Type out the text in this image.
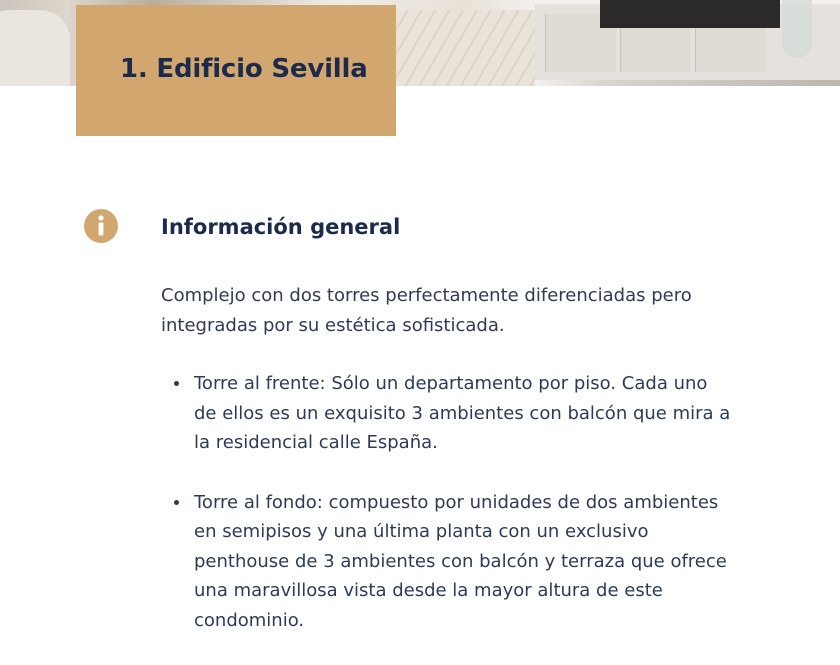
1. Edificio Sevilla
Información general

Complejo con dos torres perfectamente diferenciadas pero integradas por su estética sofisticada.

Torre al frente: Sólo un departamento por piso. Cada uno de ellos es un exquisito 3 ambientes con balcón que mira a la residencial calle España.
Torre al fondo: compuesto por unidades de dos ambientes en semipisos y una última planta con un exclusivo penthouse de 3 ambientes con balcón y terraza que ofrece una maravillosa vista desde la mayor altura de este condominio.
